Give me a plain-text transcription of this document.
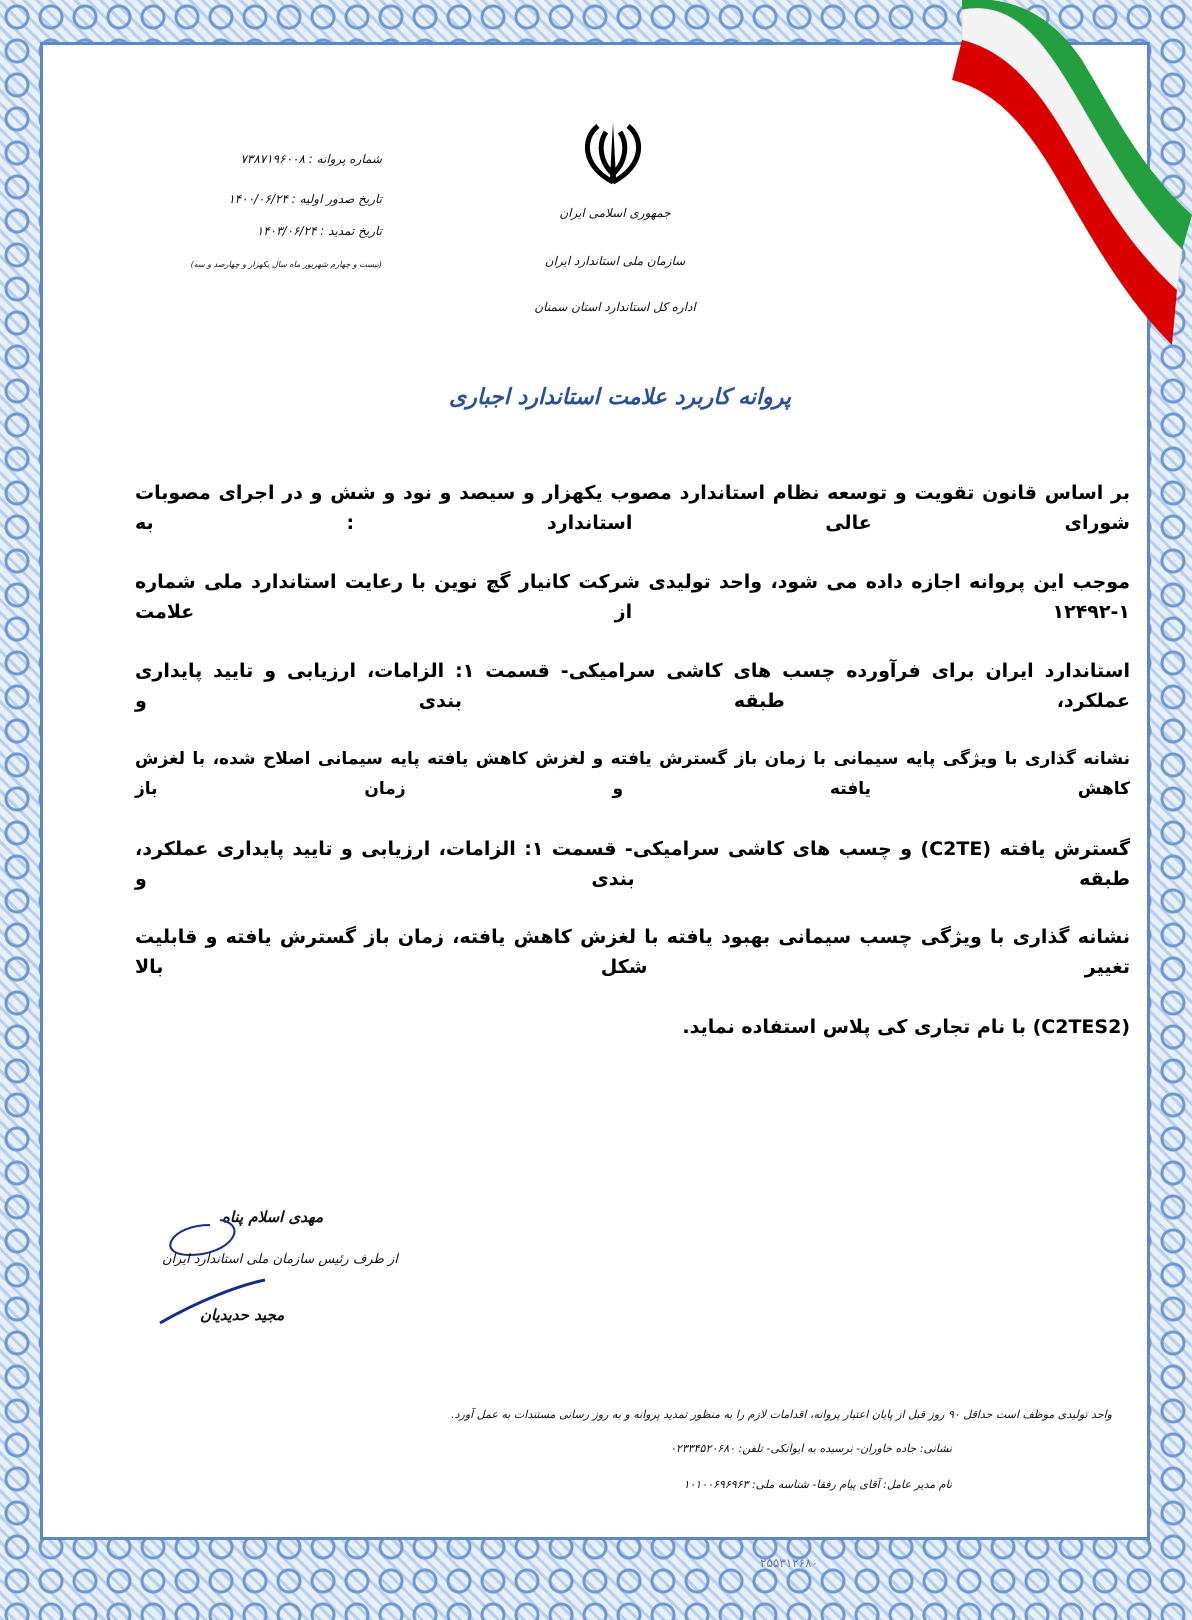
جمهوری اسلامی ایران
سازمان ملی استاندارد ایران
اداره کل استاندارد استان سمنان
شماره پروانه : ۷۳۸۷۱۹۶۰۰۸
تاریخ صدور اولیه : ۱۴۰۰/۰۶/۲۴
تاریخ تمدید : ۱۴۰۳/۰۶/۲۴
(بیست و چهارم شهریور ماه سال یکهزار و چهارصد و سه)
پروانه کاربرد علامت استاندارد اجباری
بر اساس قانون تقویت و توسعه نظام استاندارد مصوب یکهزار و سیصد و نود و شش و در اجرای مصوبات شورای عالی استاندارد : به
موجب این پروانه اجازه داده می شود، واحد تولیدی شرکت کانیار گچ نوین با رعایت استاندارد ملی شماره ۱-۱۲۴۹۲ از علامت
استاندارد ایران برای فرآورده چسب های کاشی سرامیکی- قسمت ۱: الزامات، ارزیابی و تایید پایداری عملکرد، طبقه بندی و
نشانه گذاری با ویژگی پایه سیمانی با زمان باز گسترش یافته و لغزش کاهش یافته پایه سیمانی اصلاح شده، با لغزش کاهش یافته و زمان باز
گسترش یافته (C2TE) و چسب های کاشی سرامیکی- قسمت ۱: الزامات، ارزیابی و تایید پایداری عملکرد، طبقه بندی و
نشانه گذاری با ویژگی چسب سیمانی بهبود یافته با لغزش کاهش یافته، زمان باز گسترش یافته و قابلیت تغییر شکل بالا
(C2TES2) با نام تجاری کی پلاس استفاده نماید.
مهدی اسلام پناه
از طرف رئیس سازمان ملی استاندارد ایران
مجید حدیدیان
واحد تولیدی موظف است حداقل ۹۰ روز قبل از پایان اعتبار پروانه، اقدامات لازم را به منظور تمدید پروانه و به روز رسانی مستندات به عمل آورد.
نشانی: جاده خاوران- نرسیده به ایوانکی- تلفن: ۰۲۳۳۴۵۲۰۶۸۰
نام مدیر عامل: آقای پیام رفقا- شناسه ملی: ۱۰۱۰۰۶۹۶۹۶۳
۲۵۵۳۱۲۶۸۰
